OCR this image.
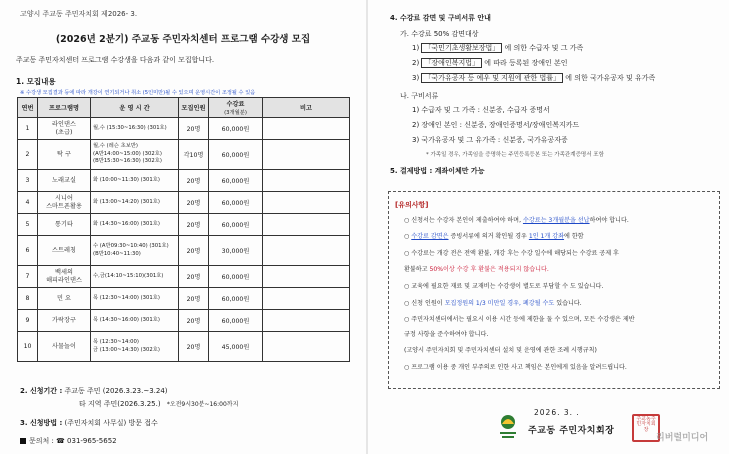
고양시 주교동 주민자치회 제2026- 3.
(2026년 2분기) 주교동 주민자치센터 프로그램 수강생 모집
주교동 주민자치센터 프로그램 수강생을 다음과 같이 모집합니다.
1. 모집내용
※ 수강생 모집결과 등에 따라 개강이 연기되거나 취소 (5인미만)될 수 있으며 운영시간이 조정될 수 있음
연번	프로그램명	운 영 시 간	모집인원	수강료
(3개월분)	비고
1	라인댄스
(초급)	월,수 (15:30~16:30) (301호)	20명	60,000원	
2	탁 구	월,수 (레슨 초보반)
(A반14:00~15:00) (302호)
(B반15:30~16:30) (302호)	각10명	60,000원	
3	노래교실	화 (10:00~11:30) (301호)	20명	60,000원	
4	시니어
스마트폰활용	화 (13:00~14:20) (301호)	20명	60,000원	
5	통기타	화 (14:30~16:00) (301호)	20명	60,000원	
6	스트레칭	수 (A반09:30~10:40) (301호)
(B반10:40~11:30)	20명	30,000원	
7	백세의
해피라인댄스	수,금(14:10~15:10)(301호)	20명	60,000원	
8	민 요	목 (12:30~14:00) (301호)	20명	60,000원	
9	가락장구	목 (14:30~16:00) (301호)	20명	60,000원	
10	사물놀이	목 (12:30~14:00)
금 (13:00~14:30) (302호)	20명	45,000원	
2. 신청기간 : 주교동 주민 (2026.3.23.~3.24)
타 지역 주민(2026.3.25.) *오전9시30분~16:00까지
3. 신청방법 : (주민자치회 사무실) 방문 접수
문의처 : ☎ 031-965-5652
4. 수강료 감면 및 구비서류 안내
가. 수강료 50% 감면대상
1) 「국민기초생활보장법」 에 의한 수급자 및 그 가족
2) 「장애인복지법」 에 따라 등록된 장애인 본인
3) 「국가유공자 등 예우 및 지원에 관한 법률」 에 의한 국가유공자 및 유가족
나. 구비서류
1) 수급자 및 그 가족 : 신분증, 수급자 증명서
2) 장애인 본인 : 신분증, 장애인증명서/장애인복지카드
3) 국가유공자 및 그 유가족 : 신분증, 국가유공자증
* 가족일 경우, 가족임을 증명하는 주민등록등본 또는 가족관계증명서 포함
5. 결제방법 : 계좌이체만 가능
[유의사항]
○ 신청서는 수강자 본인이 제출하여야 하며, 수강료는 3개월분을 선납하여야 합니다.
○ 수강료 감면은 증빙서류에 의거 확인될 경우 1인 1개 강좌에 한함
○ 수강료는 개강 전은 전액 환불, 개강 후는 수강 일수에 해당되는 수강료 공제 후
환불하고 50%이상 수강 후 환불은 적용되지 않습니다.
○ 교육에 필요한 재료 및 교재비는 수강생이 별도로 부담할 수 도 있습니다.
○ 신청 인원이 모집정원의 1/3 미만일 경우, 폐강될 수도 있습니다.
○ 주민자치센터에서는 필요시 이용 시간 등에 제한을 둘 수 있으며, 모든 수강생은 제반
규정 사항을 준수하여야 합니다.
(고양시 주민자치회 및 주민자치센터 설치 및 운영에 관한 조례 시행규칙)
○ 프로그램 이용 중 개인 부주의로 인한 사고 책임은 본인에게 있음을 알려드립니다.
2026. 3. .
주교동 주민자치회장
주교동주민자치회장
리버럴미디어
